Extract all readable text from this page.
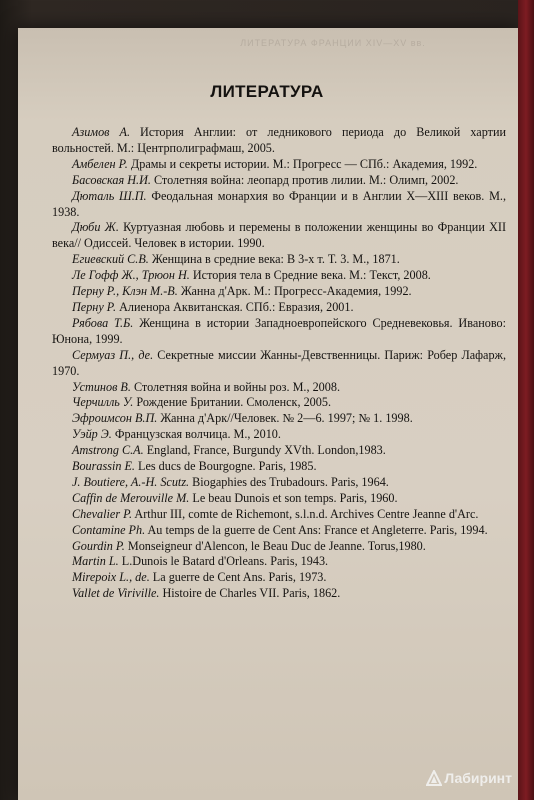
ЛИТЕРАТУРА ФРАНЦИИ XIV—XV вв.
ЛИТЕРАТУРА

Азимов А. История Англии: от ледникового периода до Великой хартии вольностей. М.: Центрполиграфмаш, 2005.

Амбелен Р. Драмы и секреты истории. М.: Прогресс — СПб.: Академия, 1992.

Басовская Н.И. Столетняя война: леопард против лилии. М.: Олимп, 2002.

Дюталь Ш.П. Феодальная монархия во Франции и в Англии X—XIII веков. М., 1938.

Дюби Ж. Куртуазная любовь и перемены в положении женщины во Франции XII века// Одиссей. Человек в истории. 1990.

Егиевский С.В. Женщина в средние века: В 3-х т. Т. 3. М., 1871.

Ле Гофф Ж., Трюон Н. История тела в Средние века. М.: Текст, 2008.

Перну Р., Клэн М.-В. Жанна д'Арк. М.: Прогресс-Академия, 1992.

Перну Р. Алиенора Аквитанская. СПб.: Евразия, 2001.

Рябова Т.Б. Женщина в истории Западноевропейского Средневековья. Иваново: Юнона, 1999.

Сермуаз П., де. Секретные миссии Жанны-Девственницы. Париж: Робер Лафарж, 1970.

Устинов В. Столетняя война и войны роз. М., 2008.

Черчилль У. Рождение Британии. Смоленск, 2005.

Эфроимсон В.П. Жанна д'Арк//Человек. № 2—6. 1997; № 1. 1998.

Уэйр Э. Французская волчица. М., 2010.

Amstrong C.A. England, France, Burgundy XVth. London,1983.

Bourassin E. Les ducs de Bourgogne. Paris, 1985.

J. Boutiere, A.-H. Scutz. Biogaphies des Trubadours. Paris, 1964.

Caffin de Merouville M. Le beau Dunois et son temps. Paris, 1960.

Chevalier P. Arthur III, comte de Richemont, s.l.n.d. Archives Centre Jeanne d'Arc.

Contamine Ph. Au temps de la guerre de Cent Ans: France et Angleterre. Paris, 1994.

Gourdin P. Monseigneur d'Alencon, le Beau Duc de Jeanne. Torus,1980.

Martin L. L.Dunois le Batard d'Orleans. Paris, 1943.

Mirepoix L., de. La guerre de Cent Ans. Paris, 1973.

Vallet de Viriville. Histoire de Charles VII. Paris, 1862.

Лабиринт
